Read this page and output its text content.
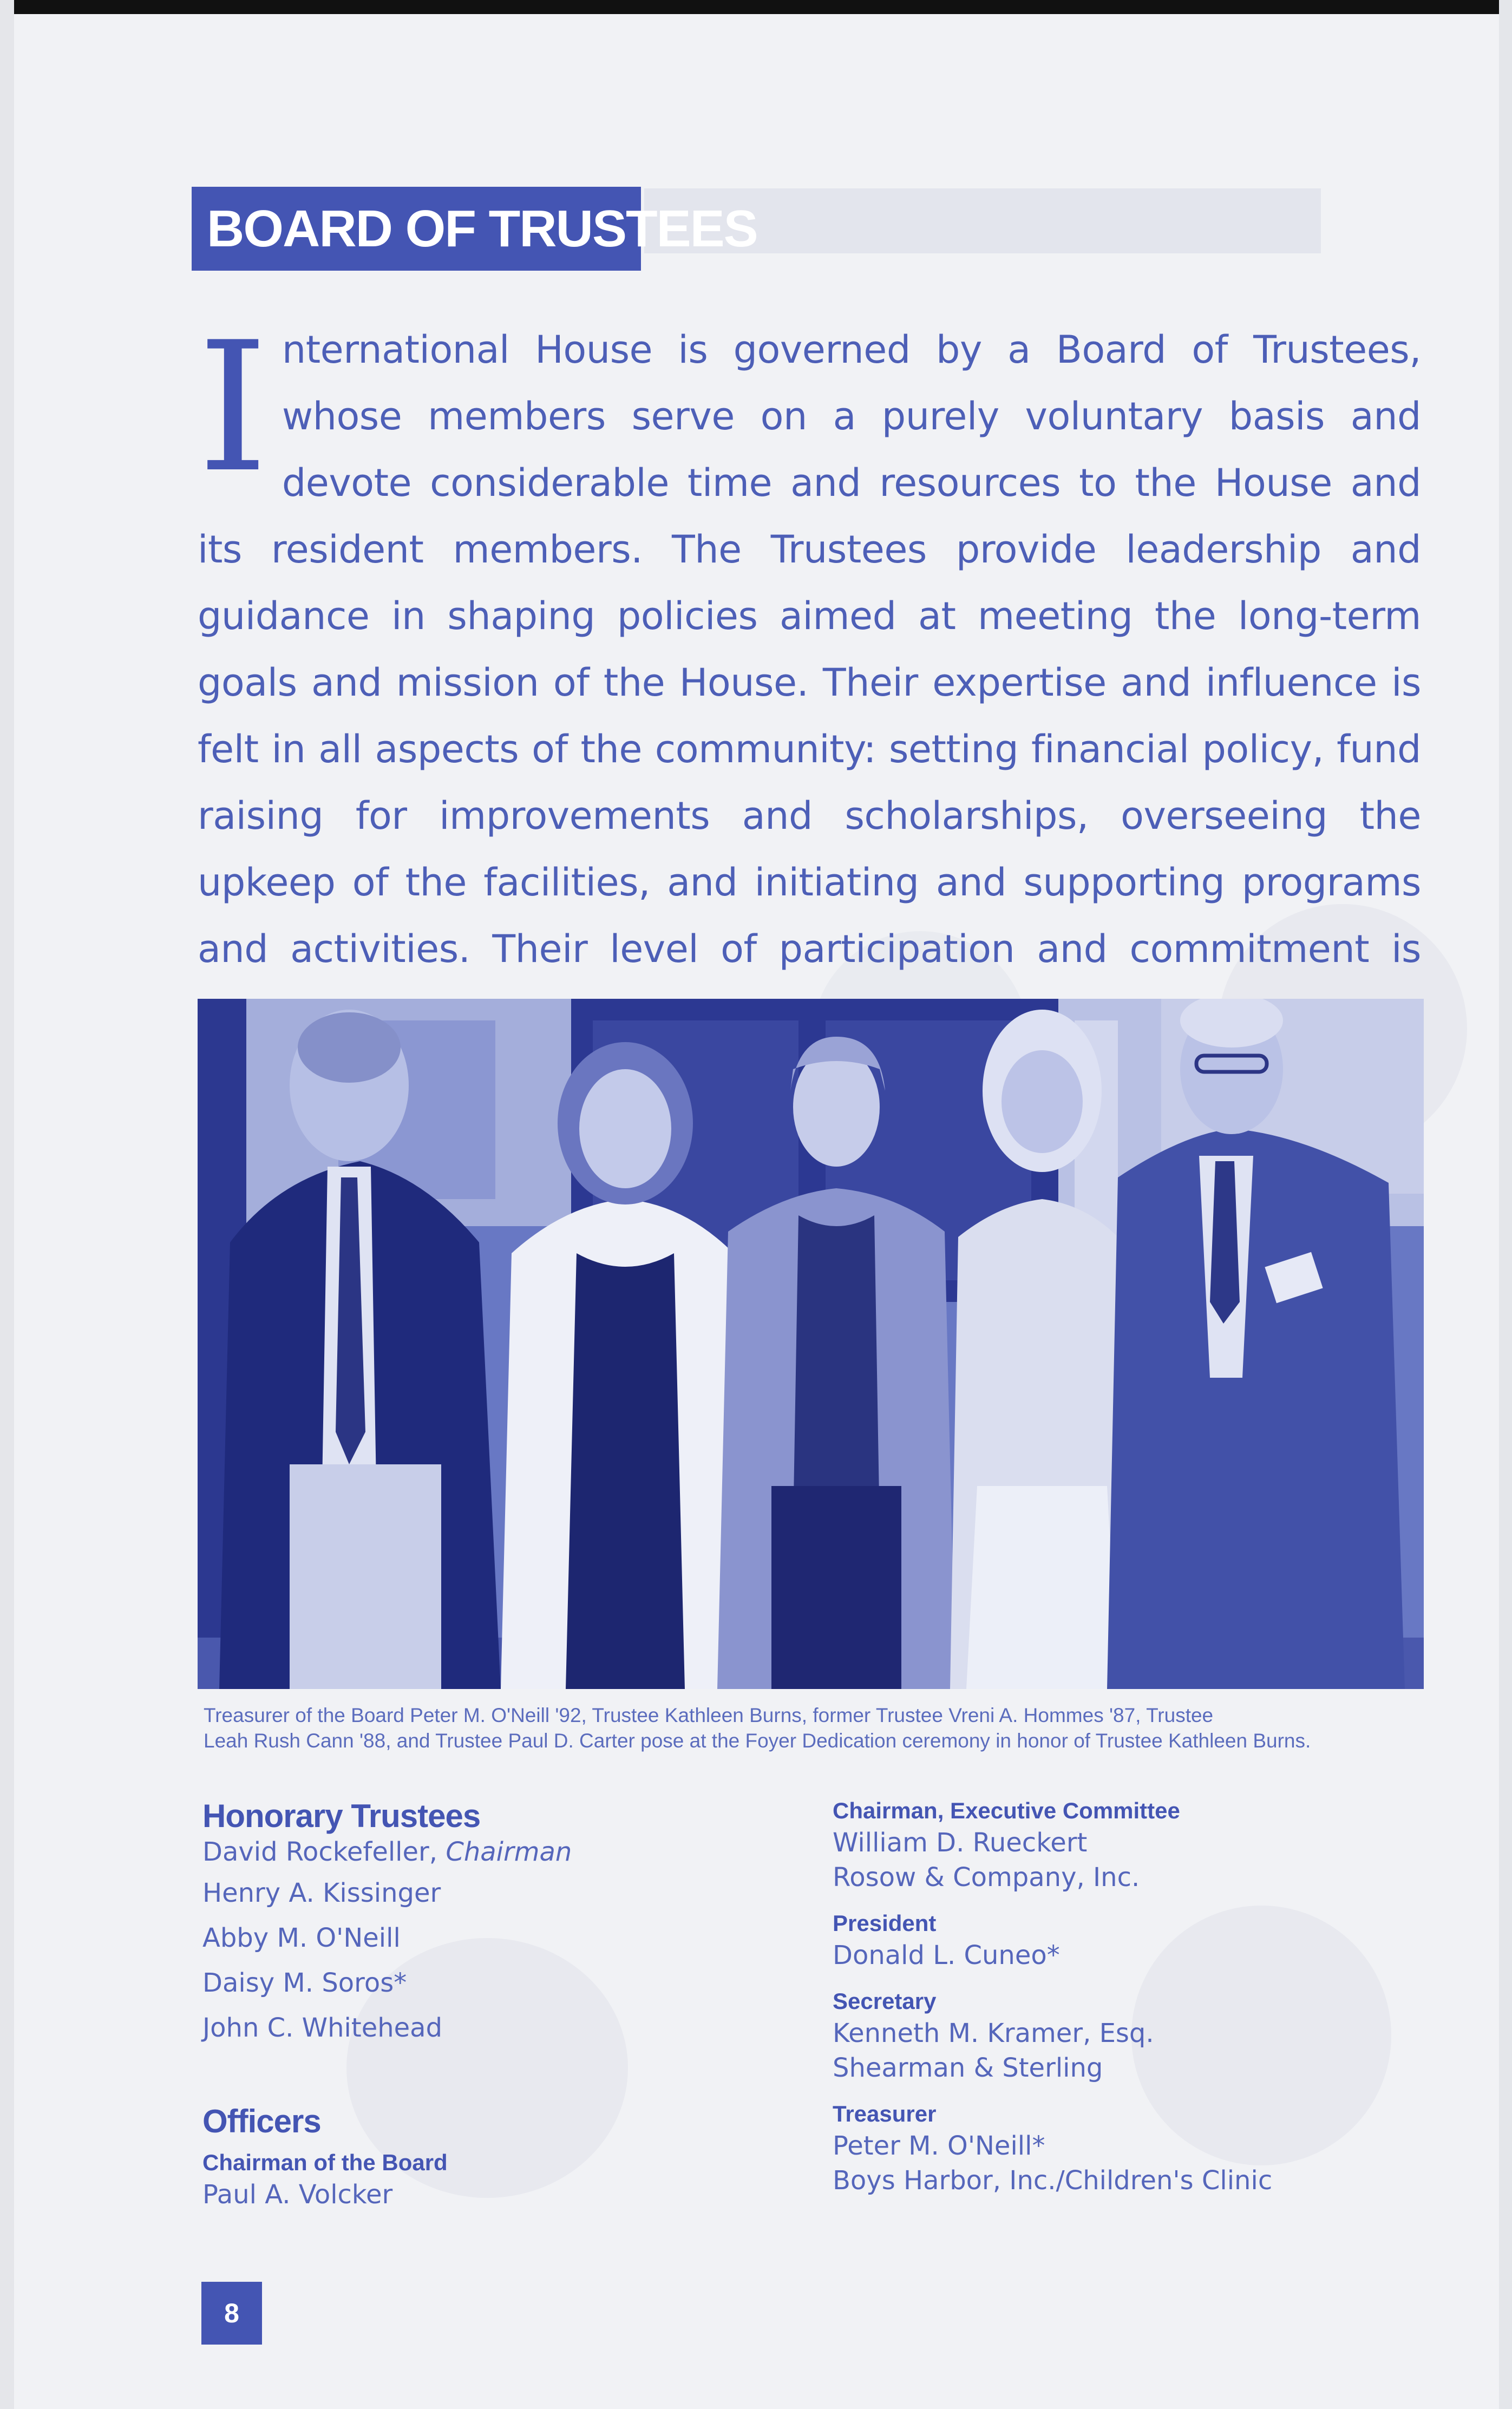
BOARD OF TRUSTEES
International House is governed by a Board of Trustees, whose members serve on a purely voluntary basis and devote considerable time and resources to the House and its resident members. The Trustees provide leadership and guidance in shaping policies aimed at meeting the long-term goals and mission of the House. Their expertise and influence is felt in all aspects of the community: setting financial policy, fund raising for improvements and scholarships, overseeing the upkeep of the facilities, and initiating and supporting programs and activities. Their level of participation and commitment is
Treasurer of the Board Peter M. O'Neill '92, Trustee Kathleen Burns, former Trustee Vreni A. Hommes '87, Trustee
Leah Rush Cann '88, and Trustee Paul D. Carter pose at the Foyer Dedication ceremony in honor of Trustee Kathleen Burns.

Honorary Trustees

David Rockefeller, Chairman

Henry A. Kissinger

Abby M. O'Neill

Daisy M. Soros*

John C. Whitehead

Officers

Chairman of the Board

Paul A. Volcker

Chairman, Executive Committee

William D. Rueckert

Rosow & Company, Inc.

President

Donald L. Cuneo*

Secretary

Kenneth M. Kramer, Esq.

Shearman & Sterling

Treasurer

Peter M. O'Neill*

Boys Harbor, Inc./Children's Clinic

8
